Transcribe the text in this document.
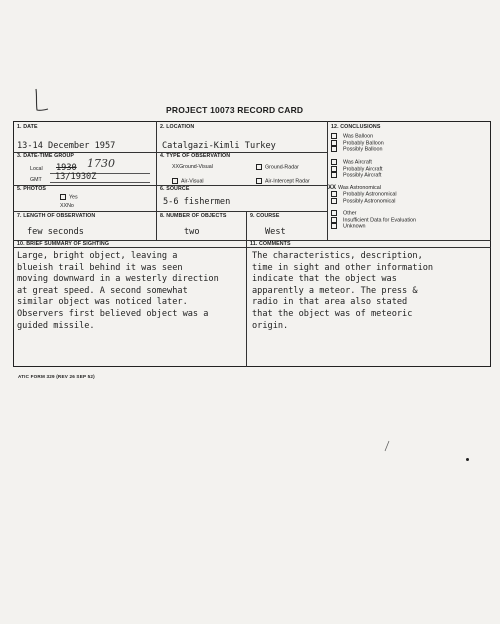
PROJECT 10073 RECORD CARD
1. DATE
13-14 December 1957
2. LOCATION
Catalgazi-Kimli Turkey
3. DATE-TIME GROUP
Local 1930 1730
GMT 13/1930Z
4. TYPE OF OBSERVATION
XXGround-Visual	Ground-Radar
Air-Visual	Air-Intercept Radar
5. PHOTOS
Yes
XXNo
6. SOURCE
5-6 fishermen
7. LENGTH OF OBSERVATION
few seconds
8. NUMBER OF OBJECTS
two
9. COURSE
West
12. CONCLUSIONS
Was Balloon
Probably Balloon
Possibly Balloon
Was Aircraft
Probably Aircraft
Possibly Aircraft
XX Was Astronomical
Probably Astronomical
Possibly Astronomical
Other
Insufficient Data for Evaluation
Unknown
10. BRIEF SUMMARY OF SIGHTING
Large, bright object, leaving a
blueish trail behind it was seen
moving downward in a westerly direction
at great speed. A second somewhat
similar object was noticed later.
Observers first believed object was a
guided missile.
11. COMMENTS
The characteristics, description,
time in sight and other information
indicate that the object was
apparently a meteor. The press &
radio in that area also stated
that the object was of meteoric
origin.
ATIC FORM 329 (REV 26 SEP 52)
